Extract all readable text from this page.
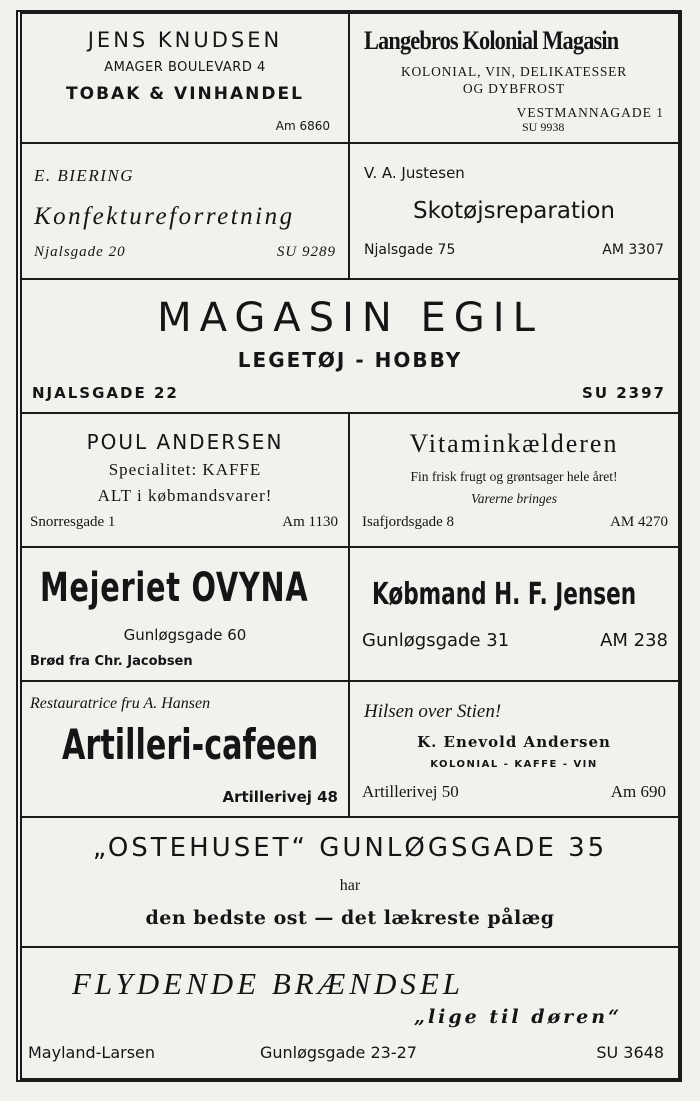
JENS KNUDSEN
AMAGER BOULEVARD 4
TOBAK & VINHANDEL
Am 6860
Langebros Kolonial Magasin
KOLONIAL, VIN, DELIKATESSER
OG DYBFROST
VESTMANNAGADE 1
SU 9938
E. BIERING
Konfektureforretning
Njalsgade 20	SU 9289
V. A. Justesen
Skotøjsreparation
Njalsgade 75	AM 3307
MAGASIN EGIL
LEGETØJ - HOBBY
NJALSGADE 22	SU 2397
POUL ANDERSEN
Specialitet: KAFFE
ALT i købmandsvarer!
Snorresgade 1	Am 1130
Vitaminkælderen
Fin frisk frugt og grøntsager hele året!
Varerne bringes
Isafjordsgade 8	AM 4270
Mejeriet OVYNA
Gunløgsgade 60
Brød fra Chr. Jacobsen
Købmand H. F. Jensen
Gunløgsgade 31	AM 238
Restauratrice fru A. Hansen
Artilleri-cafeen
Artillerivej 48
Hilsen over Stien!
K. Enevold Andersen
KOLONIAL - KAFFE - VIN
Artillerivej 50	Am 690
„OSTEHUSET“ GUNLØGSGADE 35
har
den bedste ost — det lækreste pålæg
FLYDENDE BRÆNDSEL
„lige til døren“
Mayland-Larsen	Gunløgsgade 23-27	SU 3648
